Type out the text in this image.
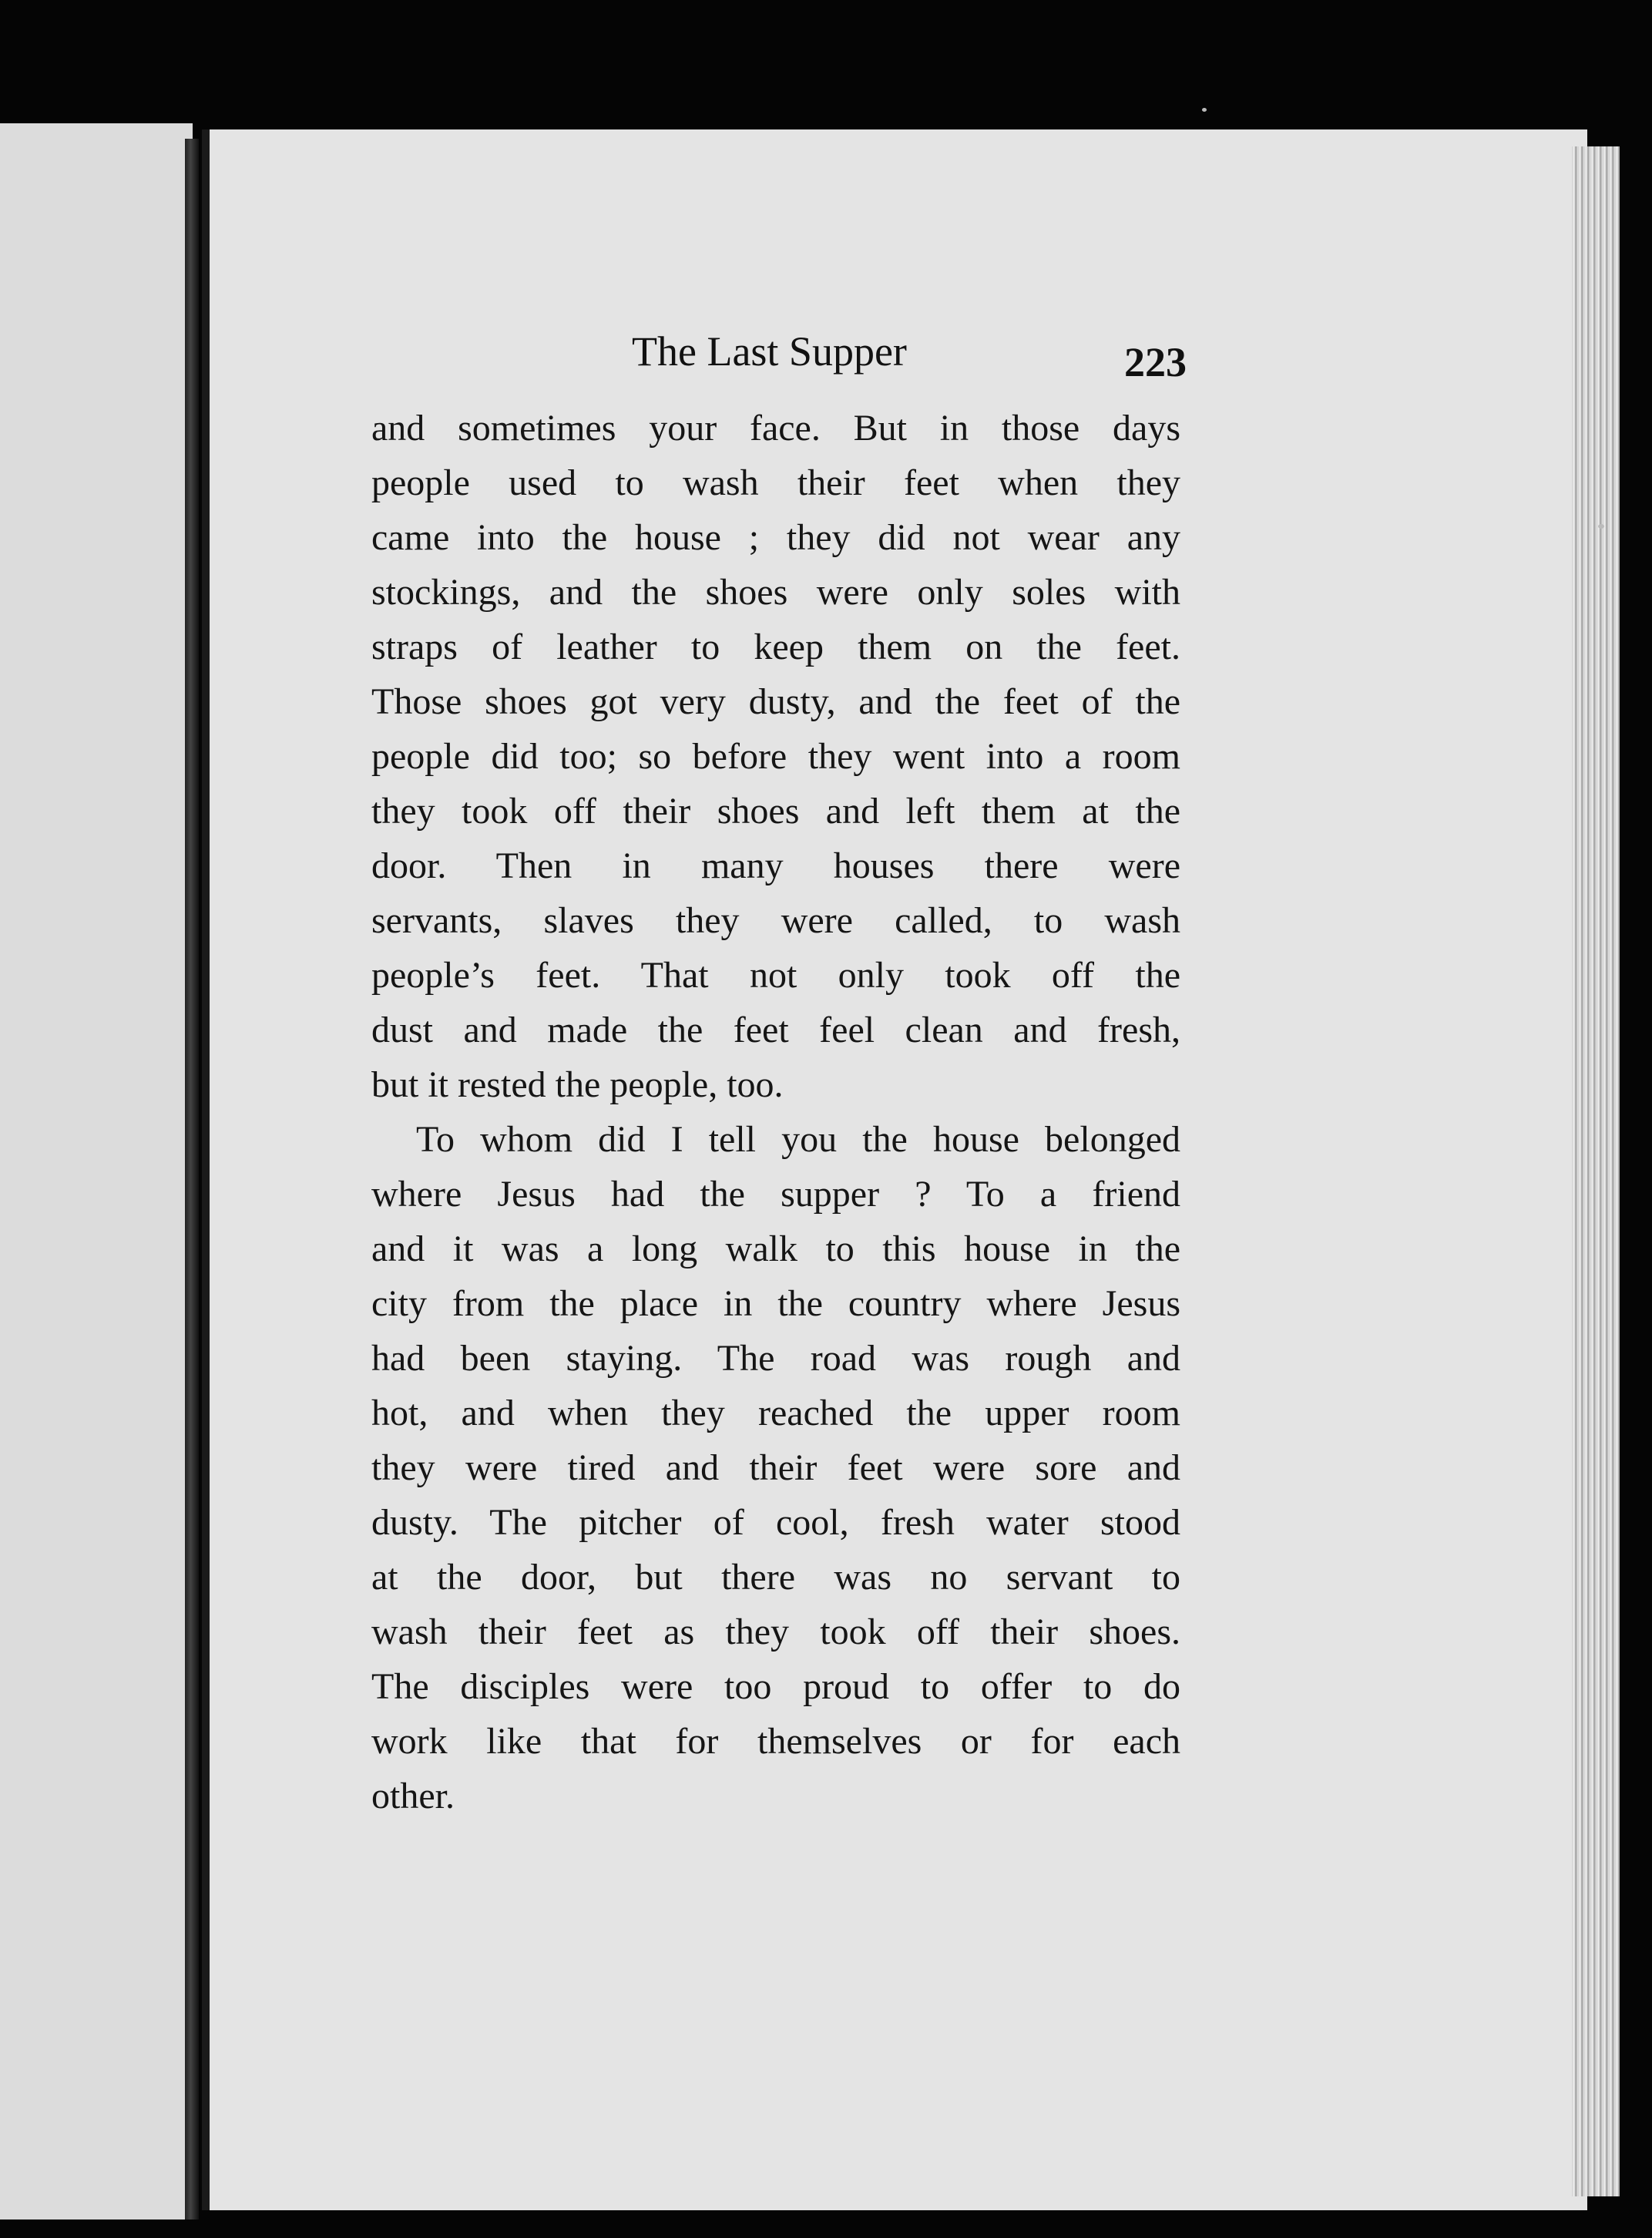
The Last Supper	223
and sometimes your face. But in those days
people used to wash their feet when they
came into the house ; they did not wear any
stockings, and the shoes were only soles with
straps of leather to keep them on the feet.
Those shoes got very dusty, and the feet of the
people did too; so before they went into a room
they took off their shoes and left them at the
door. Then in many houses there were
servants, slaves they were called, to wash
people’s feet. That not only took off the
dust and made the feet feel clean and fresh,
but it rested the people, too.
To whom did I tell you the house belonged
where Jesus had the supper ? To a friend
and it was a long walk to this house in the
city from the place in the country where Jesus
had been staying. The road was rough and
hot, and when they reached the upper room
they were tired and their feet were sore and
dusty. The pitcher of cool, fresh water stood
at the door, but there was no servant to
wash their feet as they took off their shoes.
The disciples were too proud to offer to do
work like that for themselves or for each
other.
